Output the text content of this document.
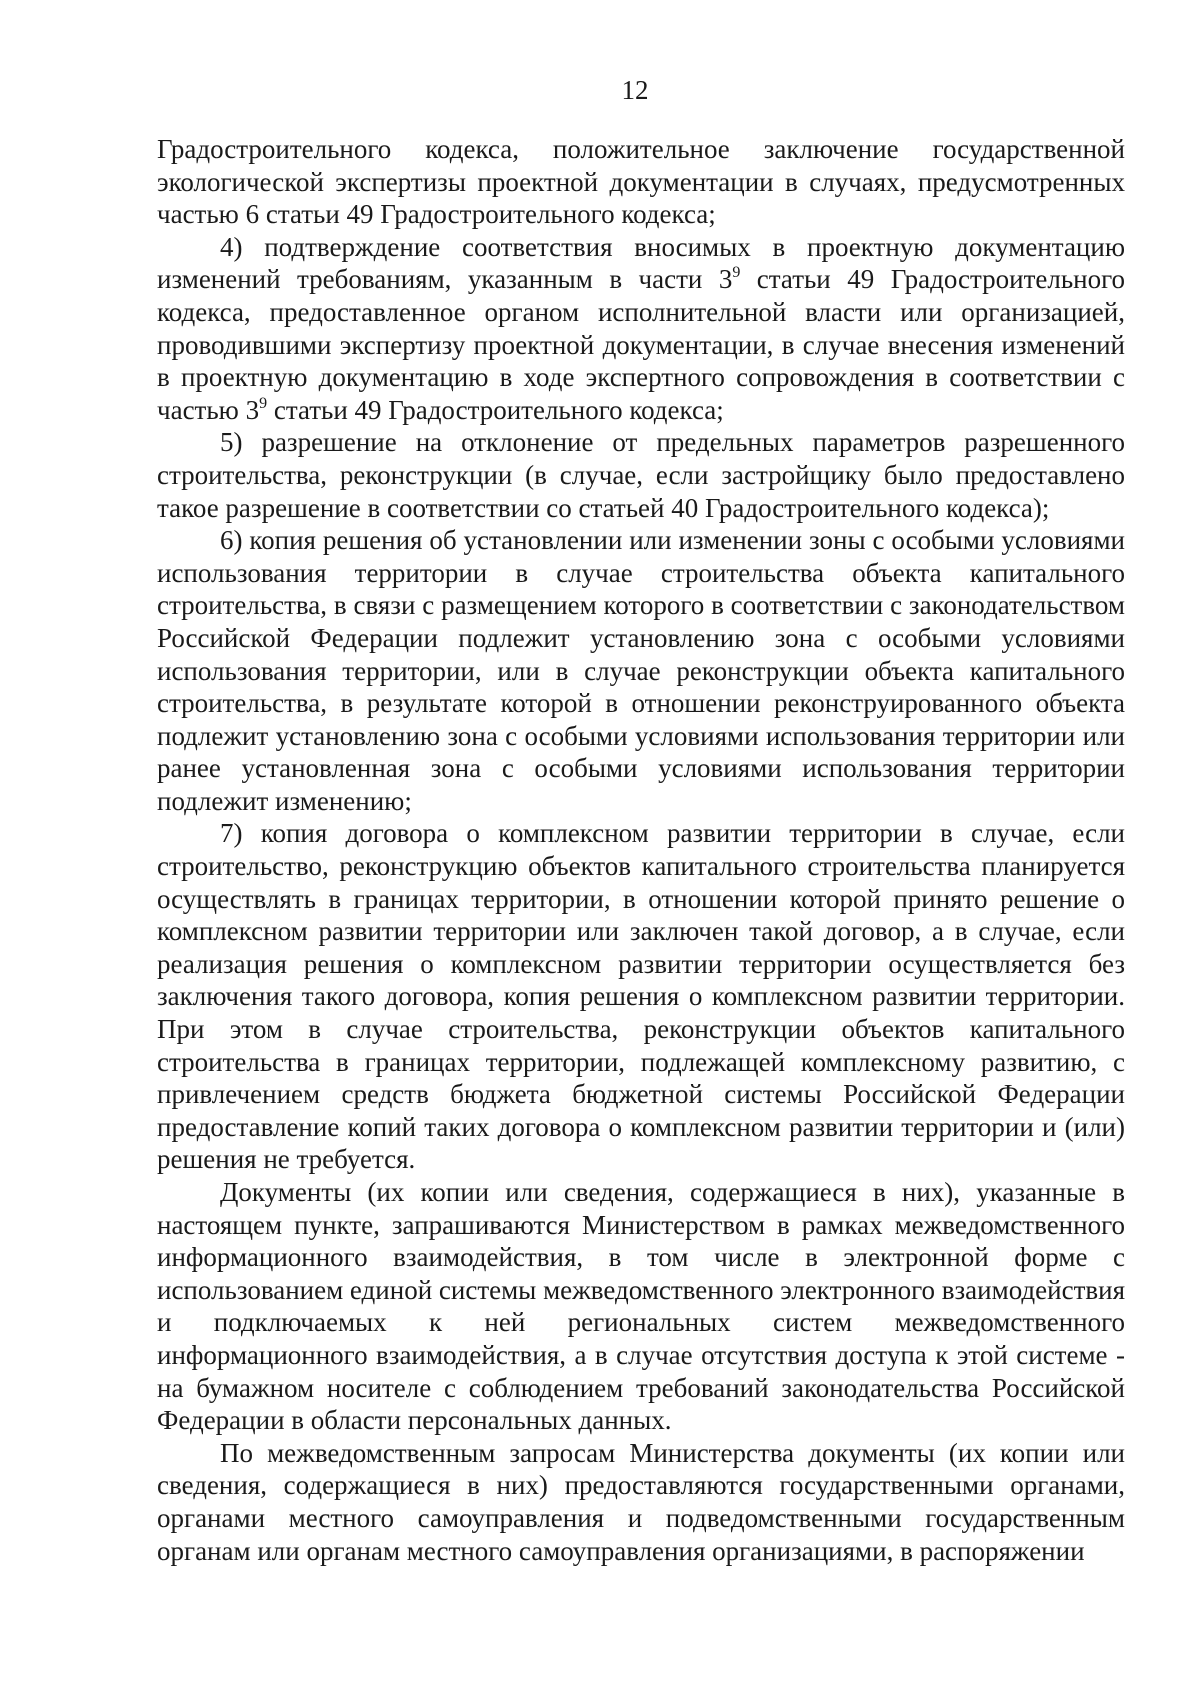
12

Градостроительного кодекса, положительное заключение государственной экологической экспертизы проектной документации в случаях, предусмотренных частью 6 статьи 49 Градостроительного кодекса;

4) подтверждение соответствия вносимых в проектную документацию изменений требованиям, указанным в части $3^9$ статьи 49 Градостроительного кодекса, предоставленное органом исполнительной власти или организацией, проводившими экспертизу проектной документации, в случае внесения изменений в проектную документацию в ходе экспертного сопровождения в соответствии с частью $3^9$ статьи 49 Градостроительного кодекса;

5) разрешение на отклонение от предельных параметров разрешенного строительства, реконструкции (в случае, если застройщику было предоставлено такое разрешение в соответствии со статьей 40 Градостроительного кодекса);

6) копия решения об установлении или изменении зоны с особыми условиями использования территории в случае строительства объекта капитального строительства, в связи с размещением которого в соответствии с законодательством Российской Федерации подлежит установлению зона с особыми условиями использования территории, или в случае реконструкции объекта капитального строительства, в результате которой в отношении реконструированного объекта подлежит установлению зона с особыми условиями использования территории или ранее установленная зона с особыми условиями использования территории подлежит изменению;

7) копия договора о комплексном развитии территории в случае, если строительство, реконструкцию объектов капитального строительства планируется осуществлять в границах территории, в отношении которой принято решение о комплексном развитии территории или заключен такой договор, а в случае, если реализация решения о комплексном развитии территории осуществляется без заключения такого договора, копия решения о комплексном развитии территории. При этом в случае строительства, реконструкции объектов капитального строительства в границах территории, подлежащей комплексному развитию, с привлечением средств бюджета бюджетной системы Российской Федерации предоставление копий таких договора о комплексном развитии территории и (или) решения не требуется.

Документы (их копии или сведения, содержащиеся в них), указанные в настоящем пункте, запрашиваются Министерством в рамках межведомственного информационного взаимодействия, в том числе в электронной форме с использованием единой системы межведомственного электронного взаимодействия и подключаемых к ней региональных систем межведомственного информационного взаимодействия, а в случае отсутствия доступа к этой системе - на бумажном носителе с соблюдением требований законодательства Российской Федерации в области персональных данных.

По межведомственным запросам Министерства документы (их копии или сведения, содержащиеся в них) предоставляются государственными органами, органами местного самоуправления и подведомственными государственным органам или органам местного самоуправления организациями, в распоряжении
